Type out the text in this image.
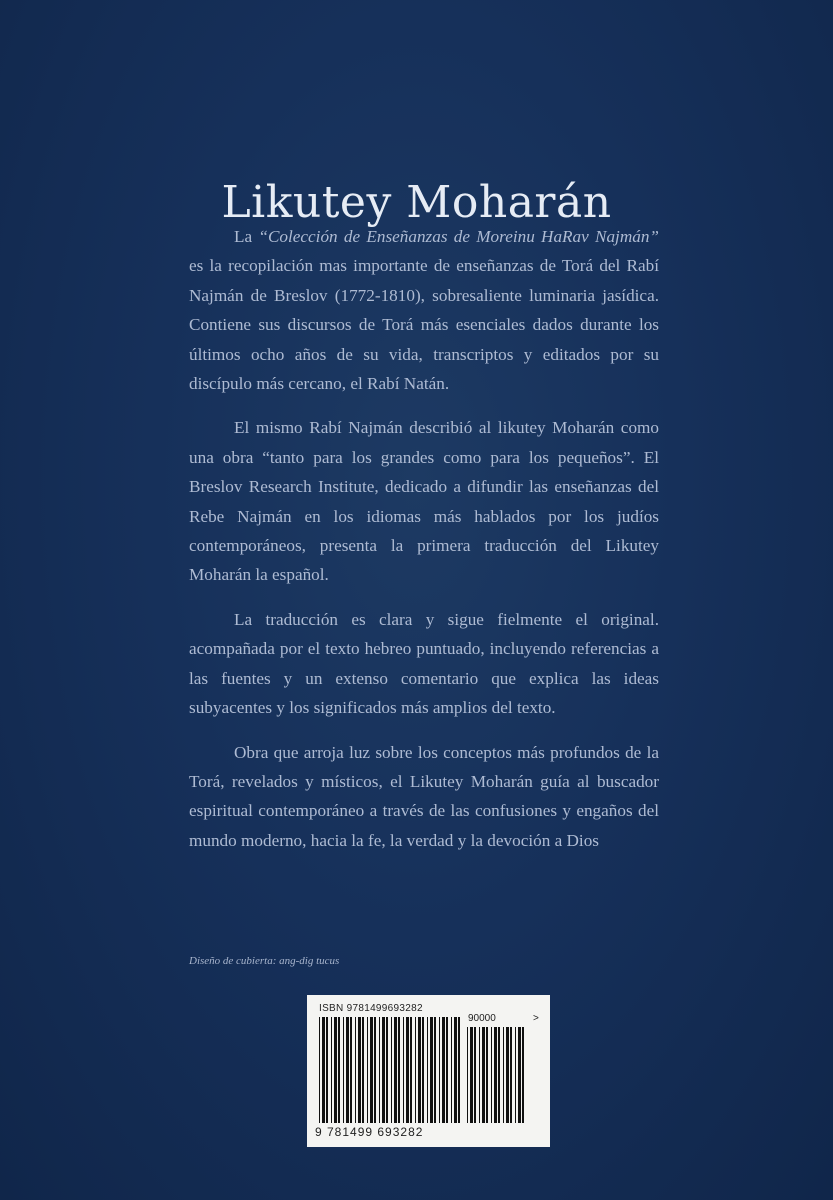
Likutey Moharán

La “Colección de Enseñanzas de Moreinu HaRav Najmán” es la recopilación mas importante de enseñanzas de Torá del Rabí Najmán de Breslov (1772-1810), sobresaliente luminaria jasídica. Contiene sus discursos de Torá más esenciales dados durante los últimos ocho años de su vida, transcriptos y editados por su discípulo más cercano, el Rabí Natán.

El mismo Rabí Najmán describió al likutey Moharán como una obra “tanto para los grandes como para los pequeños”. El Breslov Research Institute, dedicado a difundir las enseñanzas del Rebe Najmán en los idiomas más hablados por los judíos contemporáneos, presenta la primera traducción del Likutey Moharán la español.

La traducción es clara y sigue fielmente el original. acompañada por el texto hebreo puntuado, incluyendo referencias a las fuentes y un extenso comentario que explica las ideas subyacentes y los significados más amplios del texto.

Obra que arroja luz sobre los conceptos más profundos de la Torá, revelados y místicos, el Likutey Moharán guía al buscador espiritual contemporáneo a través de las confusiones y engaños del mundo moderno, hacia la fe, la verdad y la devoción a Dios

Diseño de cubierta: ang-dig tucus
ISBN 9781499693282
90000	>
9 781499 693282
